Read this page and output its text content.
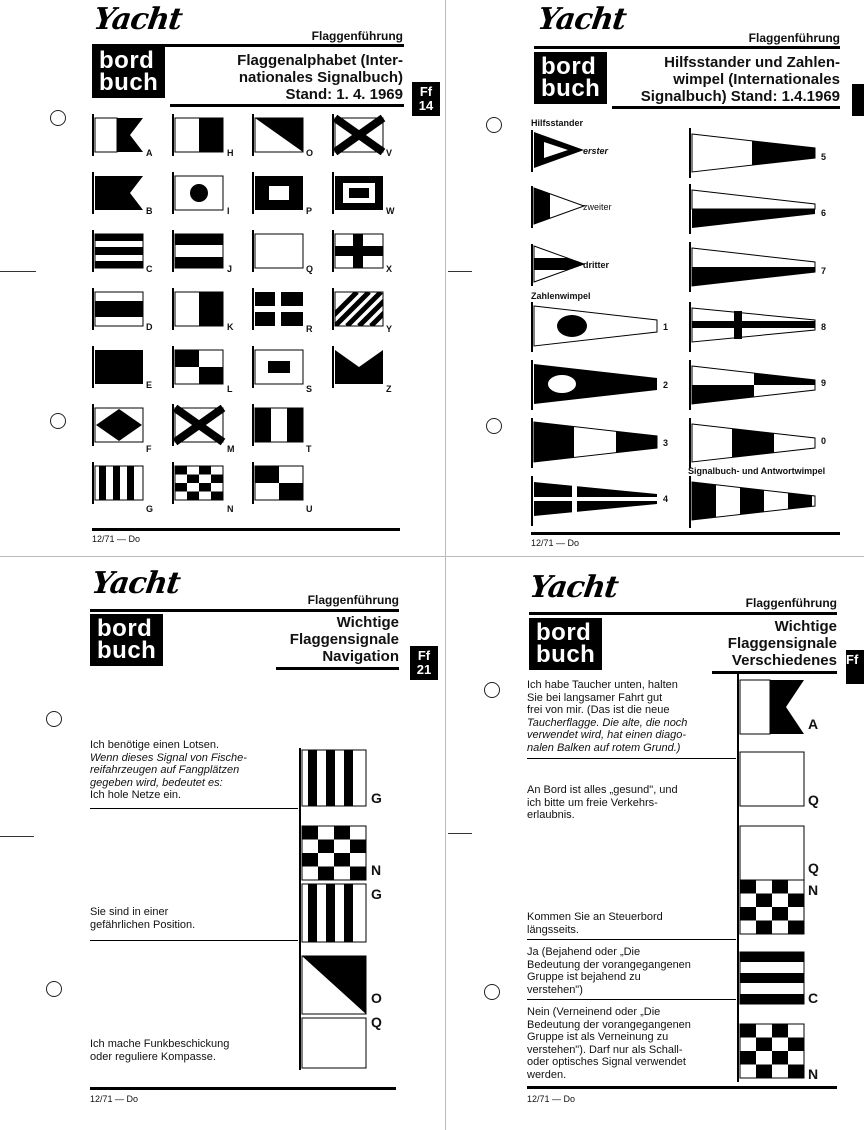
Yacht
bord
buch
Flaggenführung
Flaggenalphabet (Inter-
nationales Signalbuch)
Stand: 1. 4. 1969	Ff
14
A
B
C
D
E
F
G
H
I
J
K
L
M
N
O
P
Q
R
S
T
U
V
W
X
Y
Z
12/71 — Do
Yacht
bord
buch
Flaggenführung
Hilfsstander und Zahlen-
wimpel (Internationales
Signalbuch) Stand: 1.4.1969
Hilfsstander
Zahlenwimpel
Signalbuch- und Antwortwimpel
erster
zweiter
dritter
1
2
3
4
5
6
7
8
9
0
12/71 — Do
Yacht
bord
buch
Flaggenführung
Wichtige
Flaggensignale
Navigation	Ff
21
Ich benötige einen Lotsen.
Wenn dieses Signal von Fische-
reifahrzeugen auf Fangplätzen
gegeben wird, bedeutet es:
Ich hole Netze ein.
Sie sind in einer
gefährlichen Position.
Ich mache Funkbeschickung
oder reguliere Kompasse.
G
N
G
O
Q
12/71 — Do
Yacht
bord
buch
Flaggenführung
Wichtige
Flaggensignale
Verschiedenes Ff

Ich habe Taucher unten, halten
Sie bei langsamer Fahrt gut
frei von mir. (Das ist die neue
Taucherflagge. Die alte, die noch
verwendet wird, hat einen diago-
nalen Balken auf rotem Grund.)
An Bord ist alles „gesund", und
ich bitte um freie Verkehrs-
erlaubnis.
Kommen Sie an Steuerbord
längsseits.
Ja (Bejahend oder „Die
Bedeutung der vorangegangenen
Gruppe ist bejahend zu
verstehen")
Nein (Verneinend oder „Die
Bedeutung der vorangegangenen
Gruppe ist als Verneinung zu
verstehen"). Darf nur als Schall-
oder optisches Signal verwendet
werden.
A
Q
Q
N
C
N
12/71 — Do
